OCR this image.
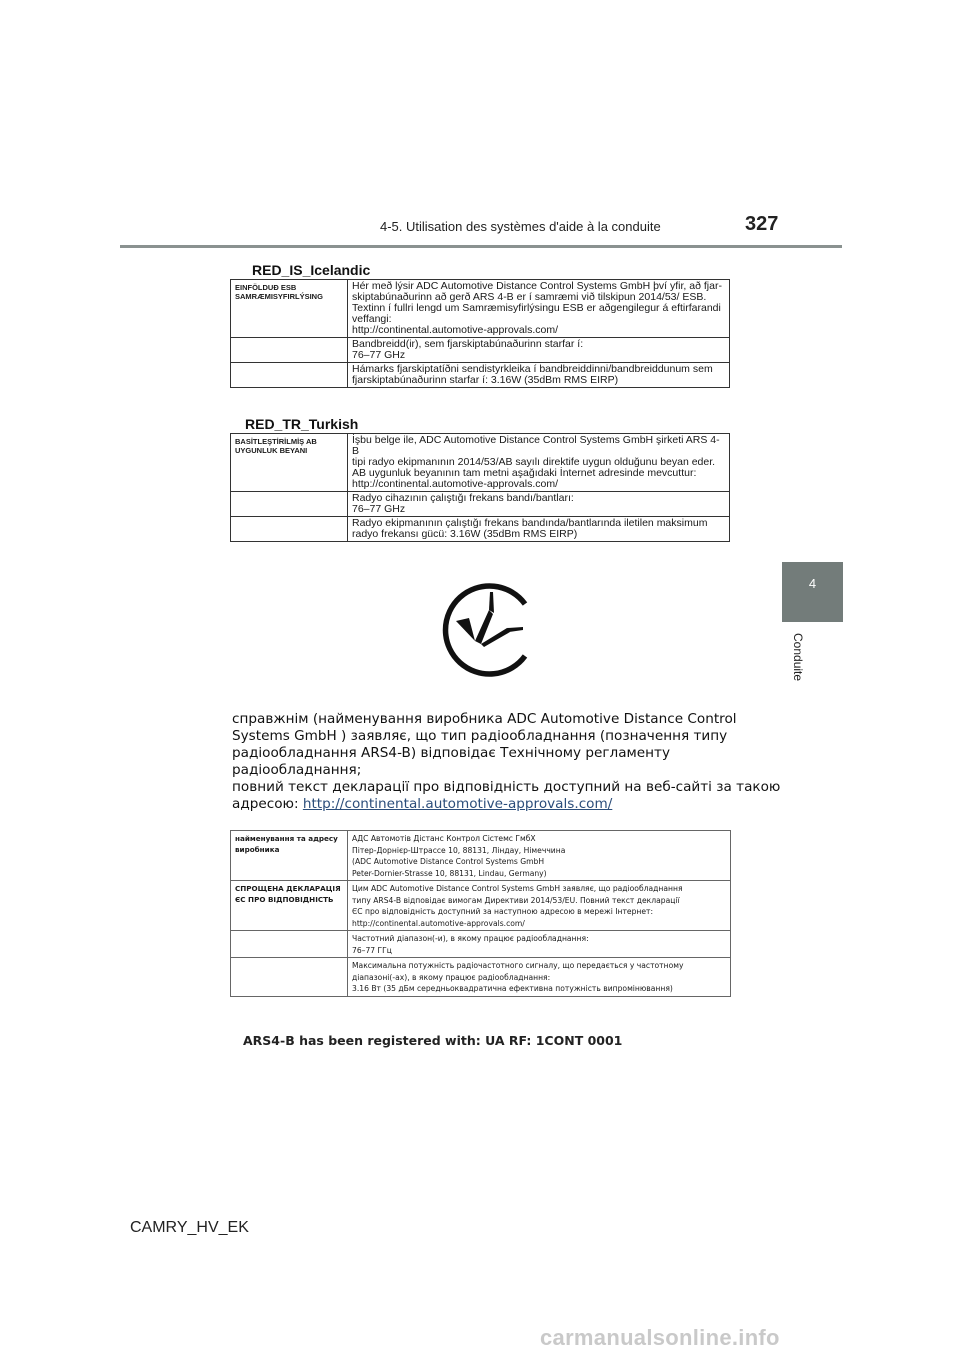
4-5. Utilisation des systèmes d'aide à la conduite	327
4
Conduite
RED_IS_Icelandic
EINFÖLDUÐ ESB
SAMRÆMISYFIRLÝSING	Hér með lýsir ADC Automotive Distance Control Systems GmbH því yfir, að fjar-
skiptabúnaðurinn að gerð ARS 4-B er í samræmi við tilskipun 2014/53/ ESB.
Textinn í fullri lengd um Samræmisyfirlýsingu ESB er aðgengilegur á eftirfarandi
veffangi:
http://continental.automotive-approvals.com/

	Bandbreidd(ir), sem fjarskiptabúnaðurinn starfar í:
76–77 GHz

	Hámarks fjarskiptatíðni sendistyrkleika í bandbreiddinni/bandbreiddunum sem
fjarskiptabúnaðurinn starfar í: 3.16W (35dBm RMS EIRP)
RED_TR_Turkish
BASİTLEŞTİRİLMİŞ AB
UYGUNLUK BEYANI	İşbu belge ile, ADC Automotive Distance Control Systems GmbH şirketi ARS 4-B
tipi radyo ekipmanının 2014/53/AB sayılı direktife uygun olduğunu beyan eder.
AB uygunluk beyanının tam metni aşağıdaki İnternet adresinde mevcuttur:
http://continental.automotive-approvals.com/

	Radyo cihazının çalıştığı frekans bandı/bantları:
76–77 GHz

	Radyo ekipmanının çalıştığı frekans bandında/bantlarında iletilen maksimum
radyo frekansı gücü: 3.16W (35dBm RMS EIRP)
справжнім (найменування виробника ADC Automotive Distance Control
Systems GmbH ) заявляє, що тип радіообладнання (позначення типу
радіообладнання ARS4-B) відповідає Технічному регламенту
радіообладнання;
повний текст декларації про відповідність доступний на веб-сайті за такою
адресою: http://continental.automotive-approvals.com/
найменування та адресу
виробника	АДС Автомотів Дістанс Контрол Сістемс ГмбХ
Пітер-Дорнієр-Штрассе 10, 88131, Ліндау, Німеччина
(ADC Automotive Distance Control Systems GmbH
Peter-Dornier-Strasse 10, 88131, Lindau, Germany)

СПРОЩЕНА ДЕКЛАРАЦІЯ
ЄС ПРО ВІДПОВІДНІСТЬ	Цим ADC Automotive Distance Control Systems GmbH заявляє, що радіообладнання
типу ARS4-B відповідає вимогам Директиви 2014/53/EU. Повний текст декларації
ЄС про відповідність доступний за наступною адресою в мережі Інтернет:
http://continental.automotive-approvals.com/

	Частотний діапазон(-и), в якому працює радіообладнання:
76–77 ГГц

	Максимальна потужність радіочастотного сигналу, що передається у частотному
діапазоні(-ах), в якому працює радіообладнання:
3.16 Вт (35 дБм середньоквадратична ефективна потужність випромінювання)
ARS4-B has been registered with: UA RF: 1CONT 0001
CAMRY_HV_EK
carmanualsonline.info
